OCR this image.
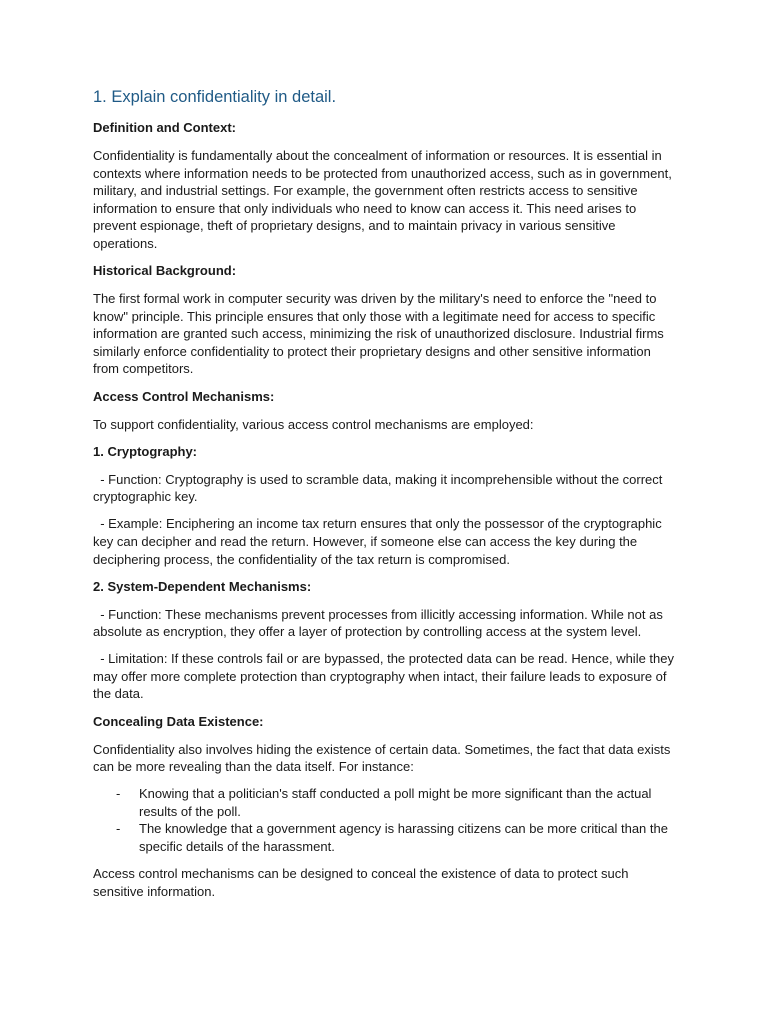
1. Explain confidentiality in detail.
Definition and Context:

Confidentiality is fundamentally about the concealment of information or resources. It is essential in contexts where information needs to be protected from unauthorized access, such as in government, military, and industrial settings. For example, the government often restricts access to sensitive information to ensure that only individuals who need to know can access it. This need arises to prevent espionage, theft of proprietary designs, and to maintain privacy in various sensitive operations.

Historical Background:

The first formal work in computer security was driven by the military's need to enforce the "need to know" principle. This principle ensures that only those with a legitimate need for access to specific information are granted such access, minimizing the risk of unauthorized disclosure. Industrial firms similarly enforce confidentiality to protect their proprietary designs and other sensitive information from competitors.

Access Control Mechanisms:

To support confidentiality, various access control mechanisms are employed:

1. Cryptography:

- Function: Cryptography is used to scramble data, making it incomprehensible without the correct cryptographic key.

- Example: Enciphering an income tax return ensures that only the possessor of the cryptographic key can decipher and read the return. However, if someone else can access the key during the deciphering process, the confidentiality of the tax return is compromised.

2. System-Dependent Mechanisms:

- Function: These mechanisms prevent processes from illicitly accessing information. While not as absolute as encryption, they offer a layer of protection by controlling access at the system level.

- Limitation: If these controls fail or are bypassed, the protected data can be read. Hence, while they may offer more complete protection than cryptography when intact, their failure leads to exposure of the data.

Concealing Data Existence:

Confidentiality also involves hiding the existence of certain data. Sometimes, the fact that data exists can be more revealing than the data itself. For instance:

- Knowing that a politician's staff conducted a poll might be more significant than the actual results of the poll.
- The knowledge that a government agency is harassing citizens can be more critical than the specific details of the harassment.

Access control mechanisms can be designed to conceal the existence of data to protect such sensitive information.
